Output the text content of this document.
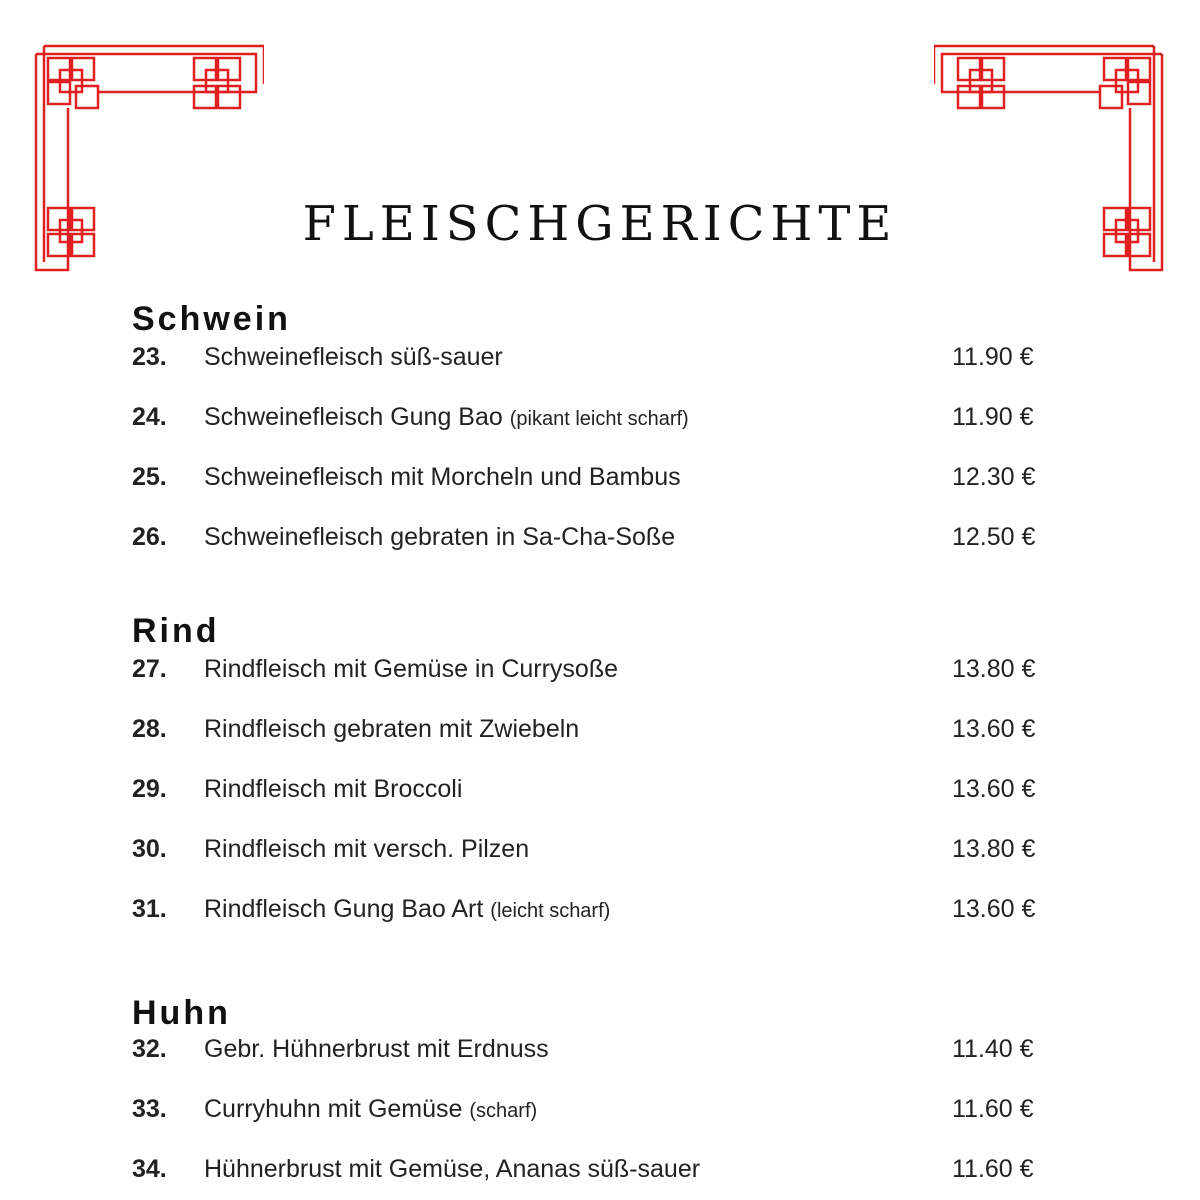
FLEISCHGERICHTE
Schwein
23. Schweinefleisch süß-sauer	11.90 €
24. Schweinefleisch Gung Bao (pikant leicht scharf)	11.90 €
25. Schweinefleisch mit Morcheln und Bambus	12.30 €
26. Schweinefleisch gebraten in Sa-Cha-Soße	12.50 €
Rind
27. Rindfleisch mit Gemüse in Currysoße	13.80 €
28. Rindfleisch gebraten mit Zwiebeln	13.60 €
29. Rindfleisch mit Broccoli	13.60 €
30. Rindfleisch mit versch. Pilzen	13.80 €
31. Rindfleisch Gung Bao Art (leicht scharf)	13.60 €
Huhn
32. Gebr. Hühnerbrust mit Erdnuss	11.40 €
33. Curryhuhn mit Gemüse (scharf)	11.60 €
34. Hühnerbrust mit Gemüse, Ananas süß-sauer	11.60 €
